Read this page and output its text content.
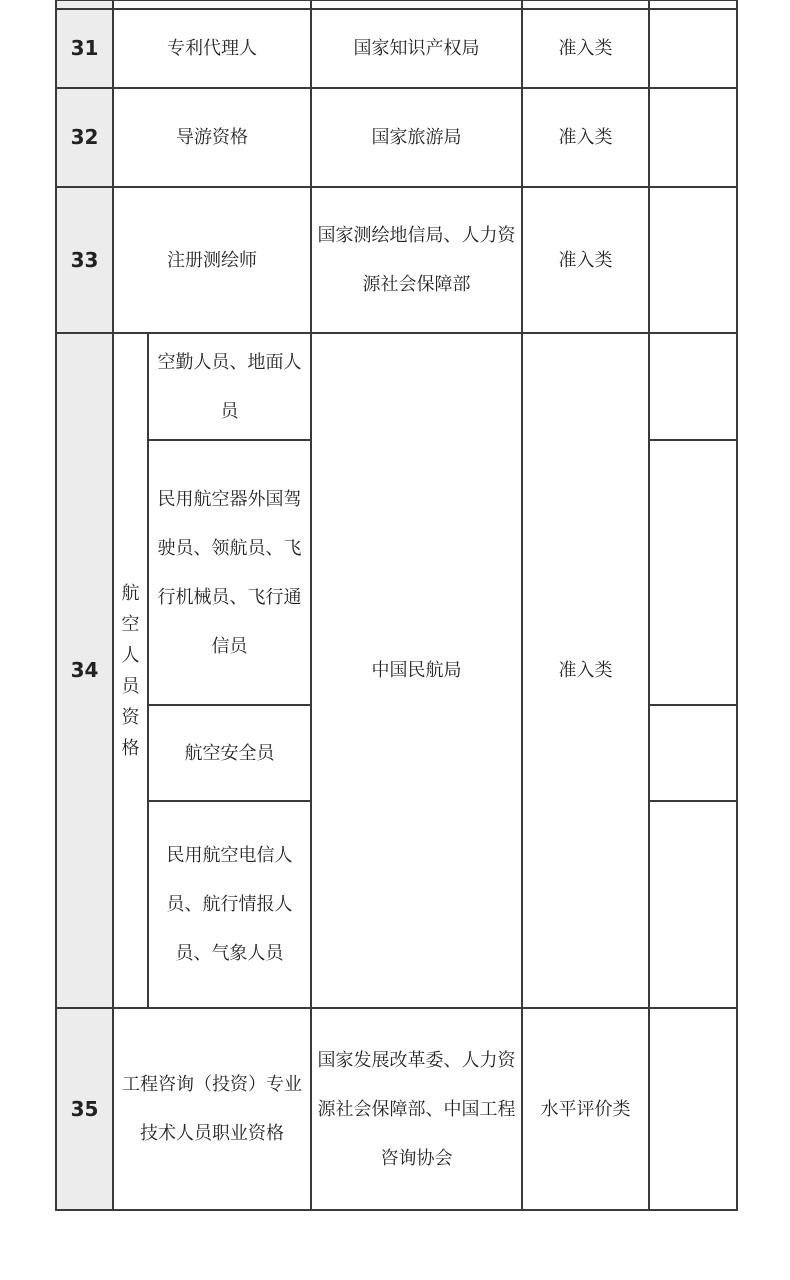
31	专利代理人		国家知识产权局	准入类	
32	导游资格		国家旅游局	准入类	
33	注册测绘师		国家测绘地信局、人力资源社会保障部	准入类	
34	航空人员资格	空勤人员、地面人员	中国民航局	准入类	
		民用航空器外国驾驶员、领航员、飞行机械员、飞行通信员			
		航空安全员			
		民用航空电信人员、航行情报人员、气象人员			
35	工程咨询（投资）专业技术人员职业资格		国家发展改革委、人力资源社会保障部、中国工程咨询协会	水平评价类	
